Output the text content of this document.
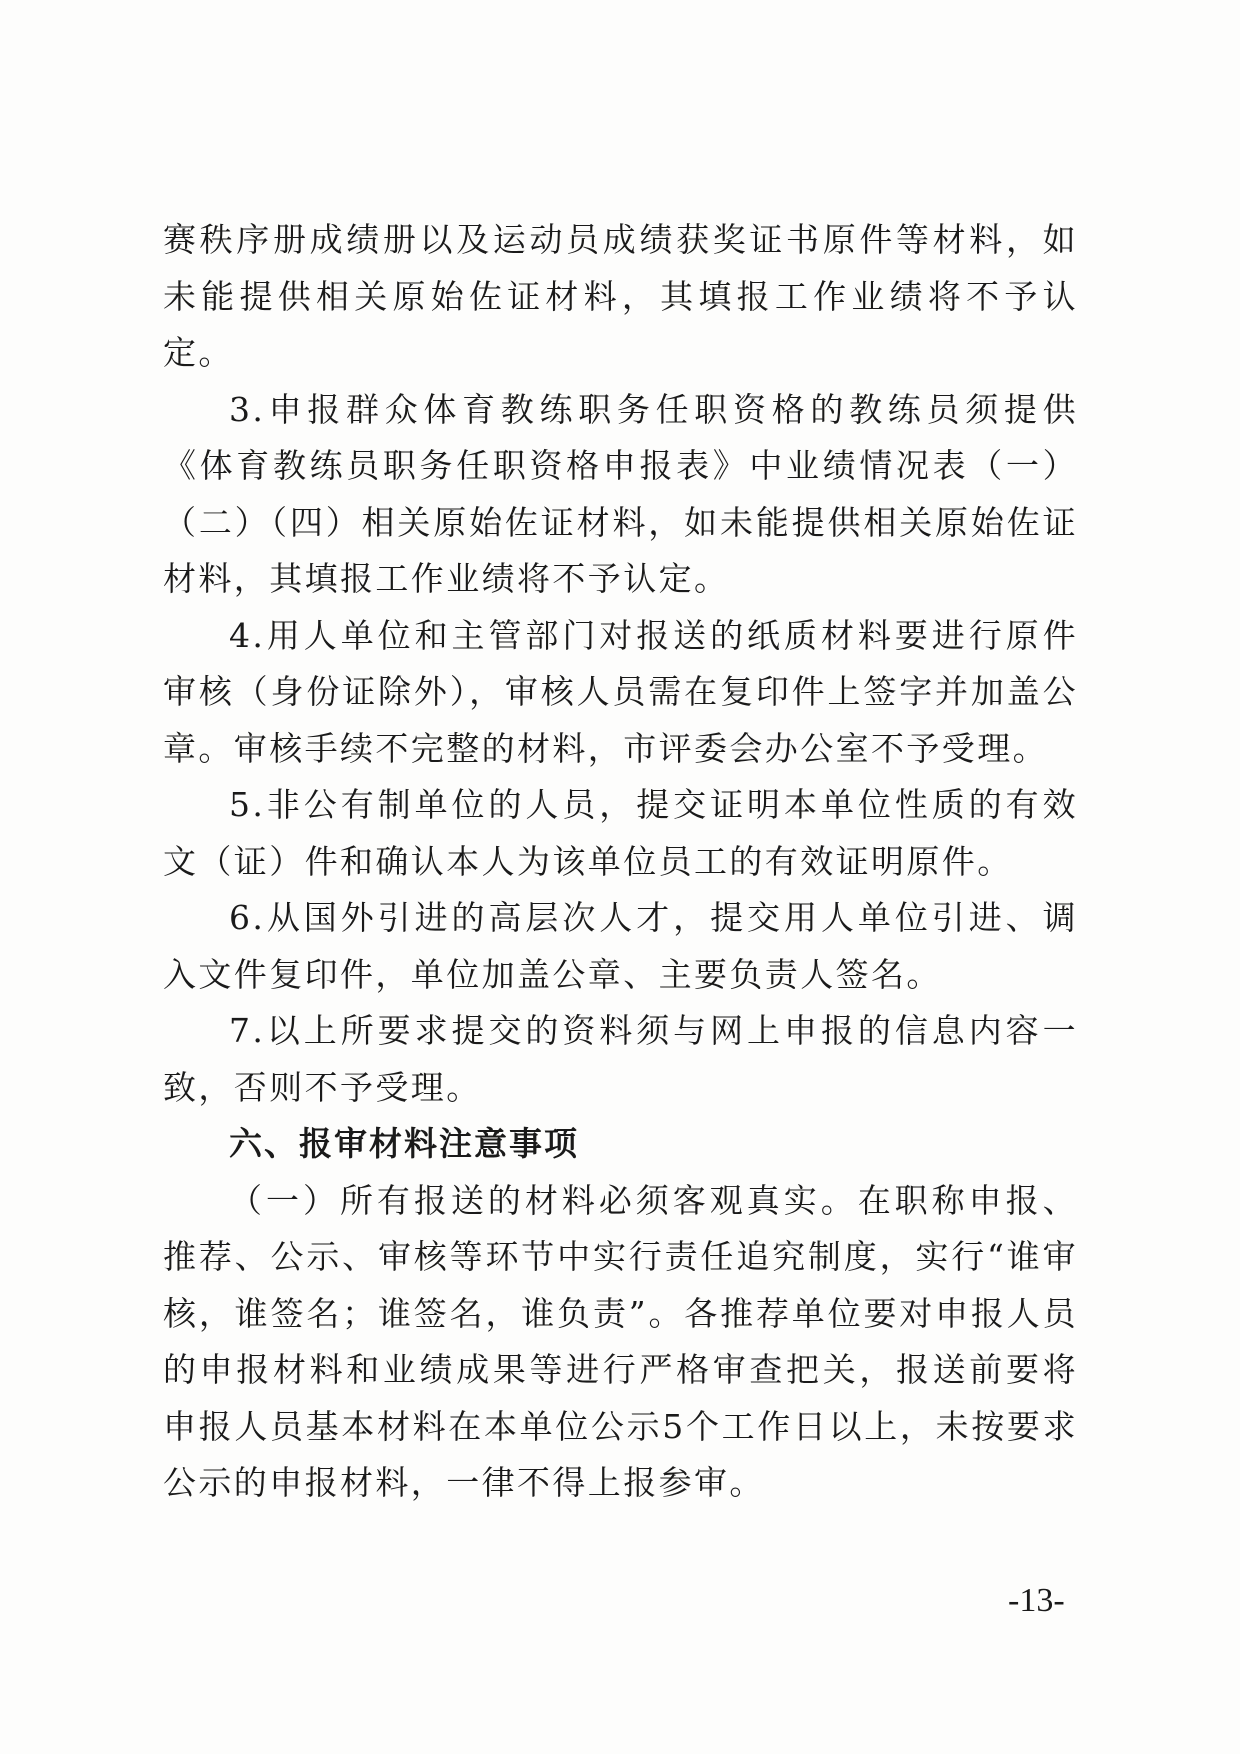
赛秩序册成绩册以及运动员成绩获奖证书原件等材料，如未能提供相关原始佐证材料，其填报工作业绩将不予认定。

3.申报群众体育教练职务任职资格的教练员须提供《体育教练员职务任职资格申报表》中业绩情况表（一）（二）（四）相关原始佐证材料，如未能提供相关原始佐证材料，其填报工作业绩将不予认定。

4.用人单位和主管部门对报送的纸质材料要进行原件审核（身份证除外），审核人员需在复印件上签字并加盖公章。审核手续不完整的材料，市评委会办公室不予受理。

5.非公有制单位的人员，提交证明本单位性质的有效文（证）件和确认本人为该单位员工的有效证明原件。

6.从国外引进的高层次人才，提交用人单位引进、调入文件复印件，单位加盖公章、主要负责人签名。

7.以上所要求提交的资料须与网上申报的信息内容一致，否则不予受理。

六、报审材料注意事项

（一）所有报送的材料必须客观真实。在职称申报、推荐、公示、审核等环节中实行责任追究制度，实行“谁审核，谁签名；谁签名，谁负责”。各推荐单位要对申报人员的申报材料和业绩成果等进行严格审查把关，报送前要将申报人员基本材料在本单位公示5个工作日以上，未按要求公示的申报材料，一律不得上报参审。

-13-
